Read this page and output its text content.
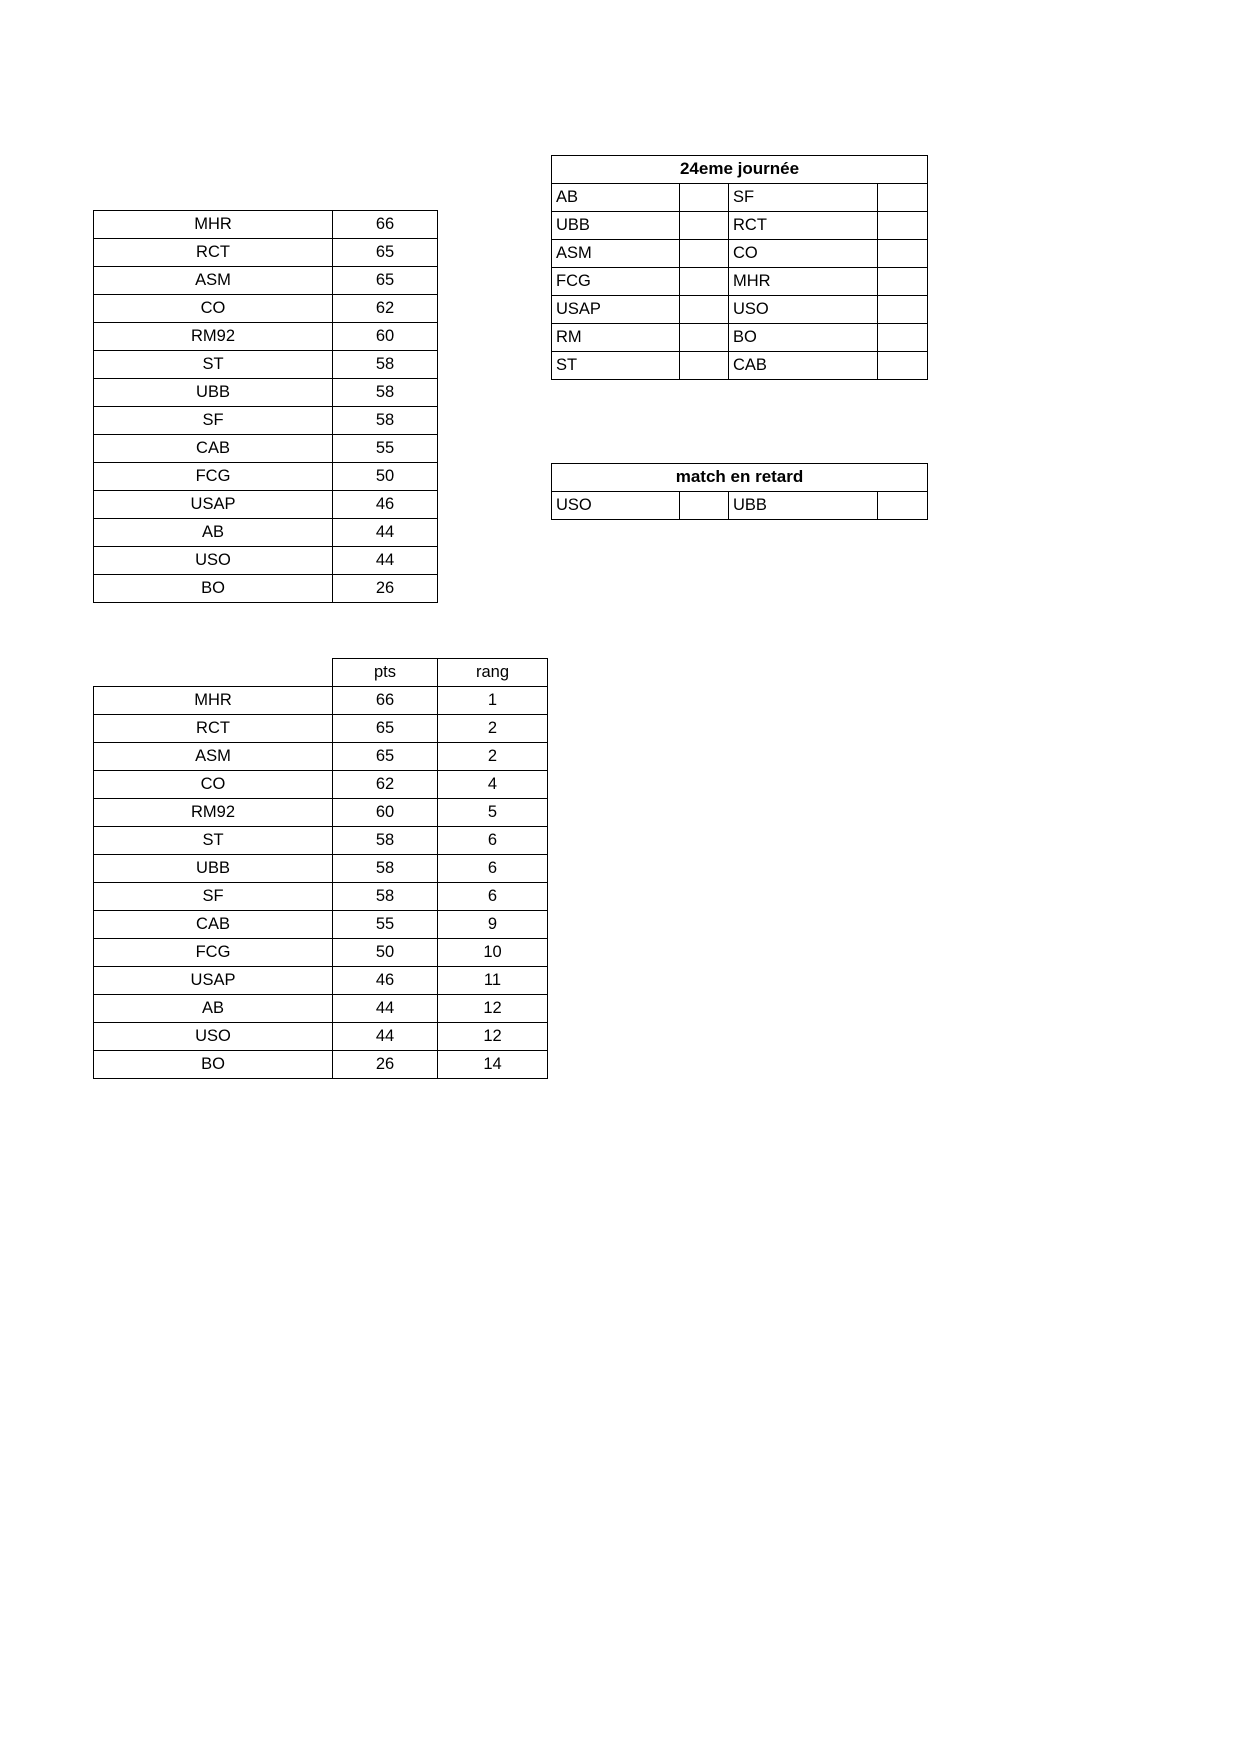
MHR	66
RCT	65
ASM	65
CO	62
RM92	60
ST	58
UBB	58
SF	58
CAB	55
FCG	50
USAP	46
AB	44
USO	44
BO	26
24eme journée			
AB		SF	
UBB		RCT	
ASM		CO	
FCG		MHR	
USAP		USO	
RM		BO	
ST		CAB	
match en retard
USO		UBB	
	pts	rang
MHR	66	1
RCT	65	2
ASM	65	2
CO	62	4
RM92	60	5
ST	58	6
UBB	58	6
SF	58	6
CAB	55	9
FCG	50	10
USAP	46	11
AB	44	12
USO	44	12
BO	26	14
